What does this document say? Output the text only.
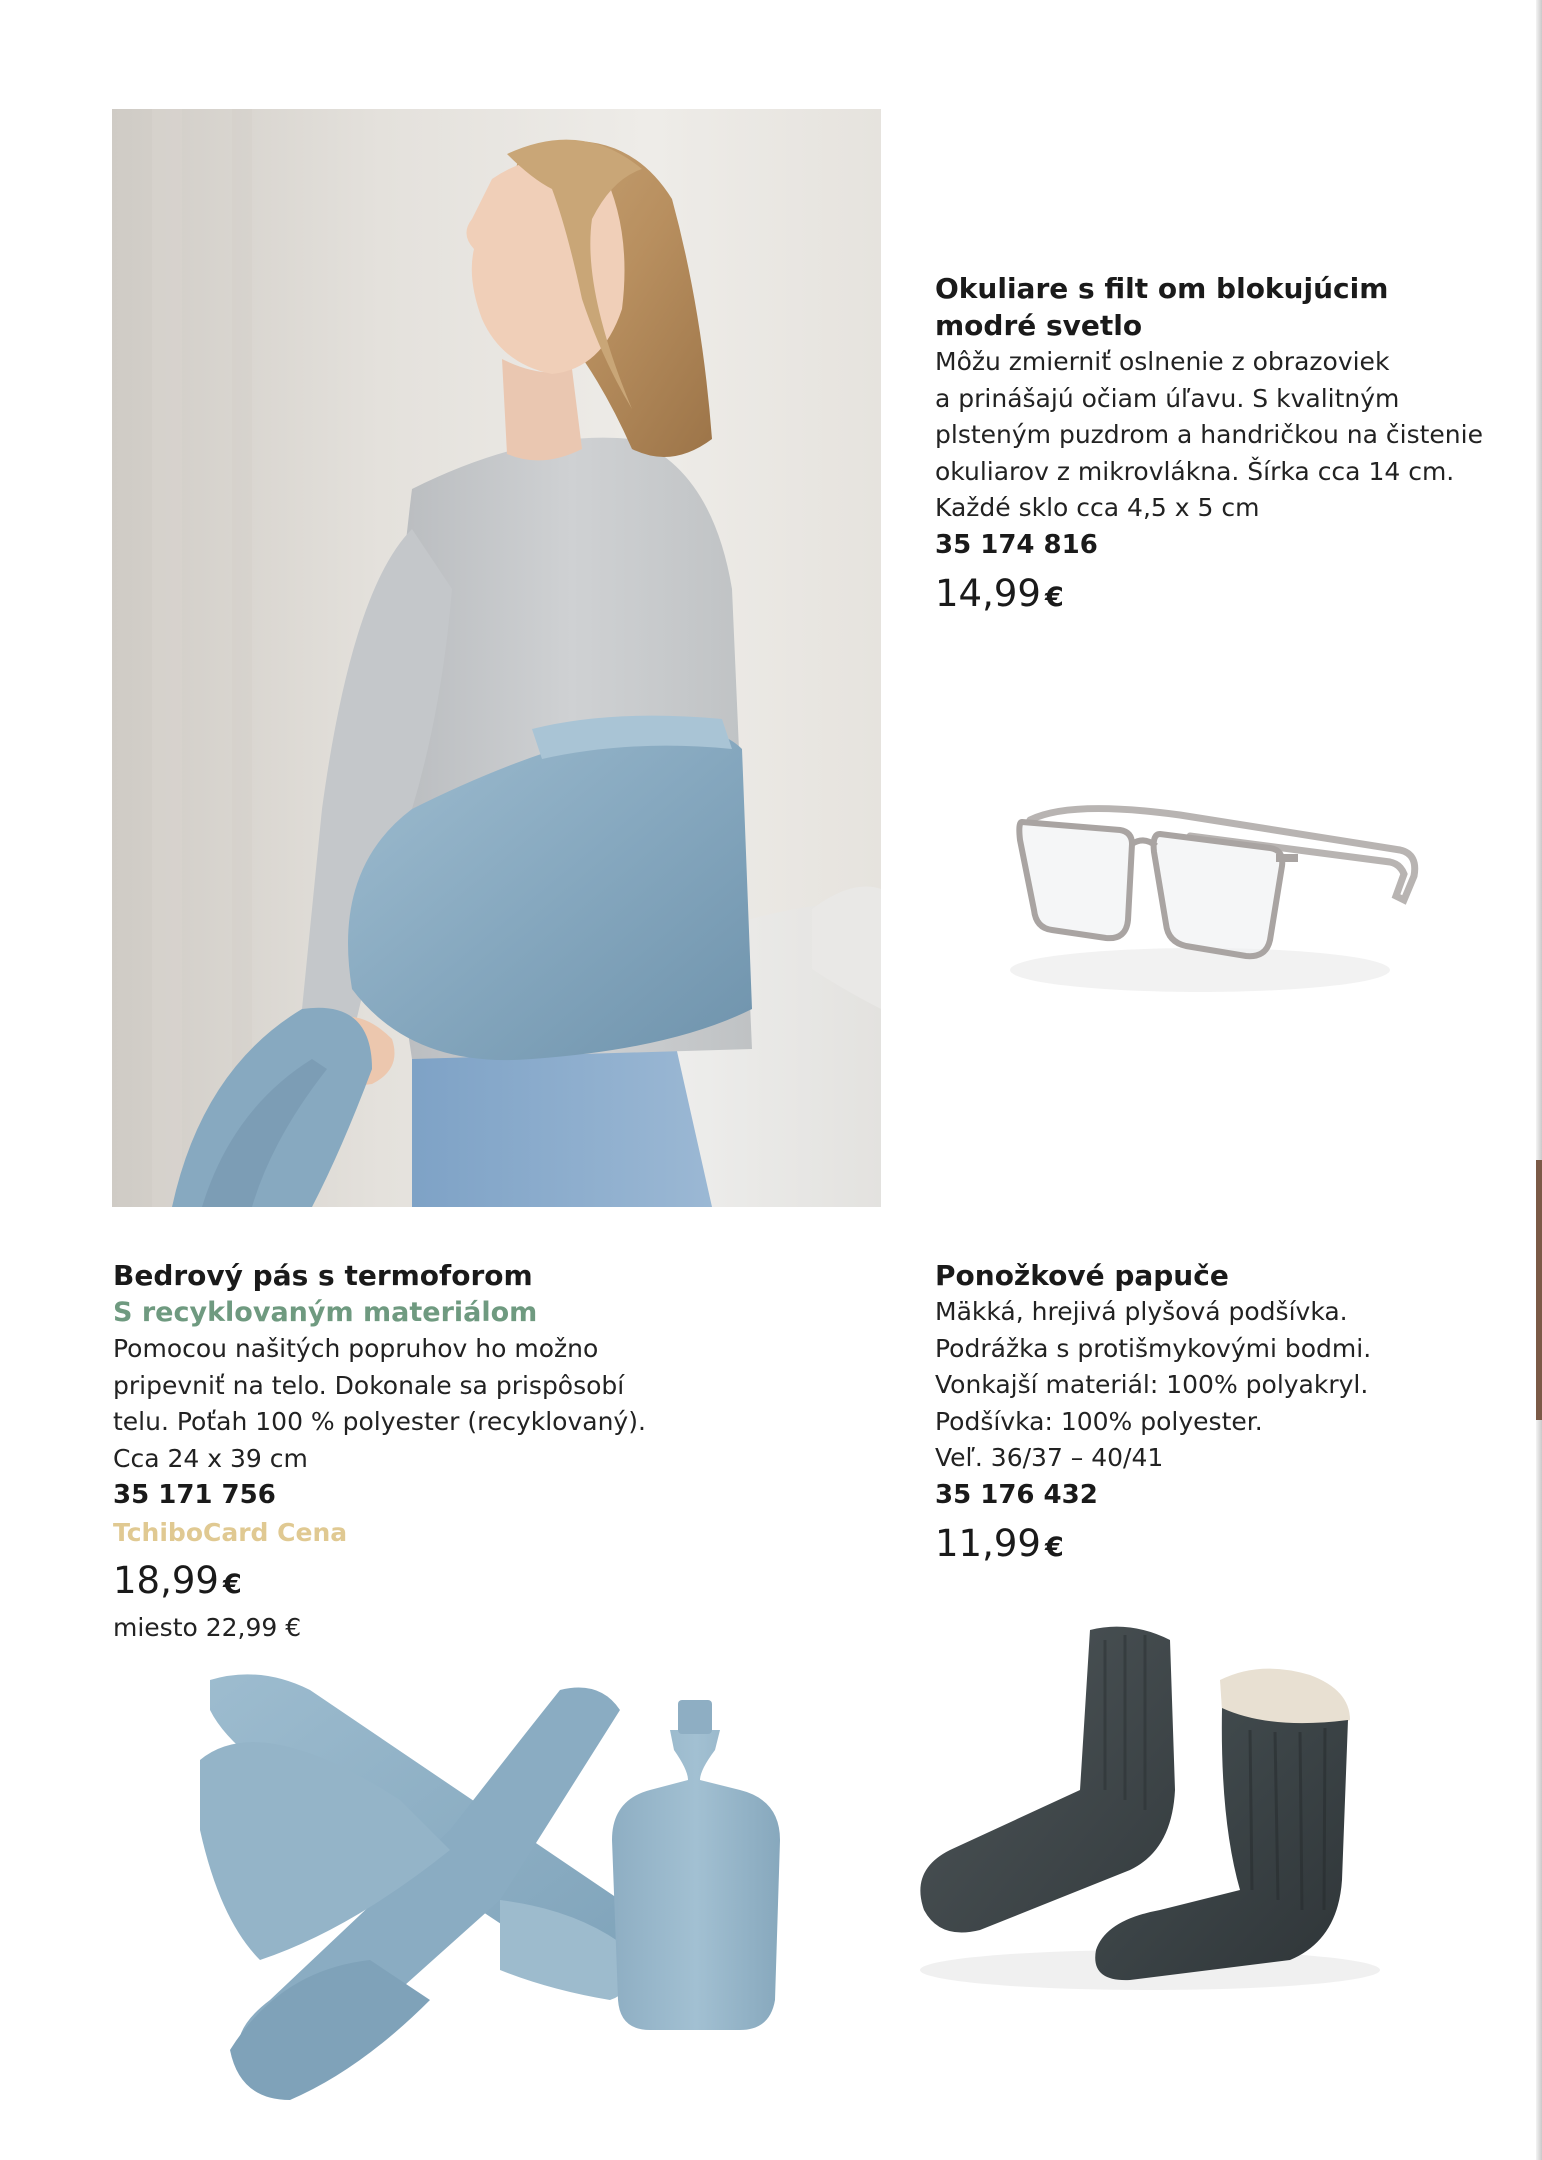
Okuliare s filt om blokujúcim
modré svetlo
Môžu zmierniť oslnenie z obrazoviek
a prinášajú očiam úľavu. S kvalitným
plsteným puzdrom a handričkou na čistenie
okuliarov z mikrovlákna. Šírka cca 14 cm.
Každé sklo cca 4,5 x 5 cm
35 174 816
14,99 €
Bedrový pás s termoforom
S recyklovaným materiálom
Pomocou našitých popruhov ho možno
pripevniť na telo. Dokonale sa prispôsobí
telu. Poťah 100 % polyester (recyklovaný).
Cca 24 x 39 cm
35 171 756
TchiboCard Cena
18,99 €
miesto 22,99 €
Ponožkové papuče
Mäkká, hrejivá plyšová podšívka.
Podrážka s protišmykovými bodmi.
Vonkajší materiál: 100% polyakryl.
Podšívka: 100% polyester.
Veľ. 36/37 – 40/41
35 176 432
11,99 €
